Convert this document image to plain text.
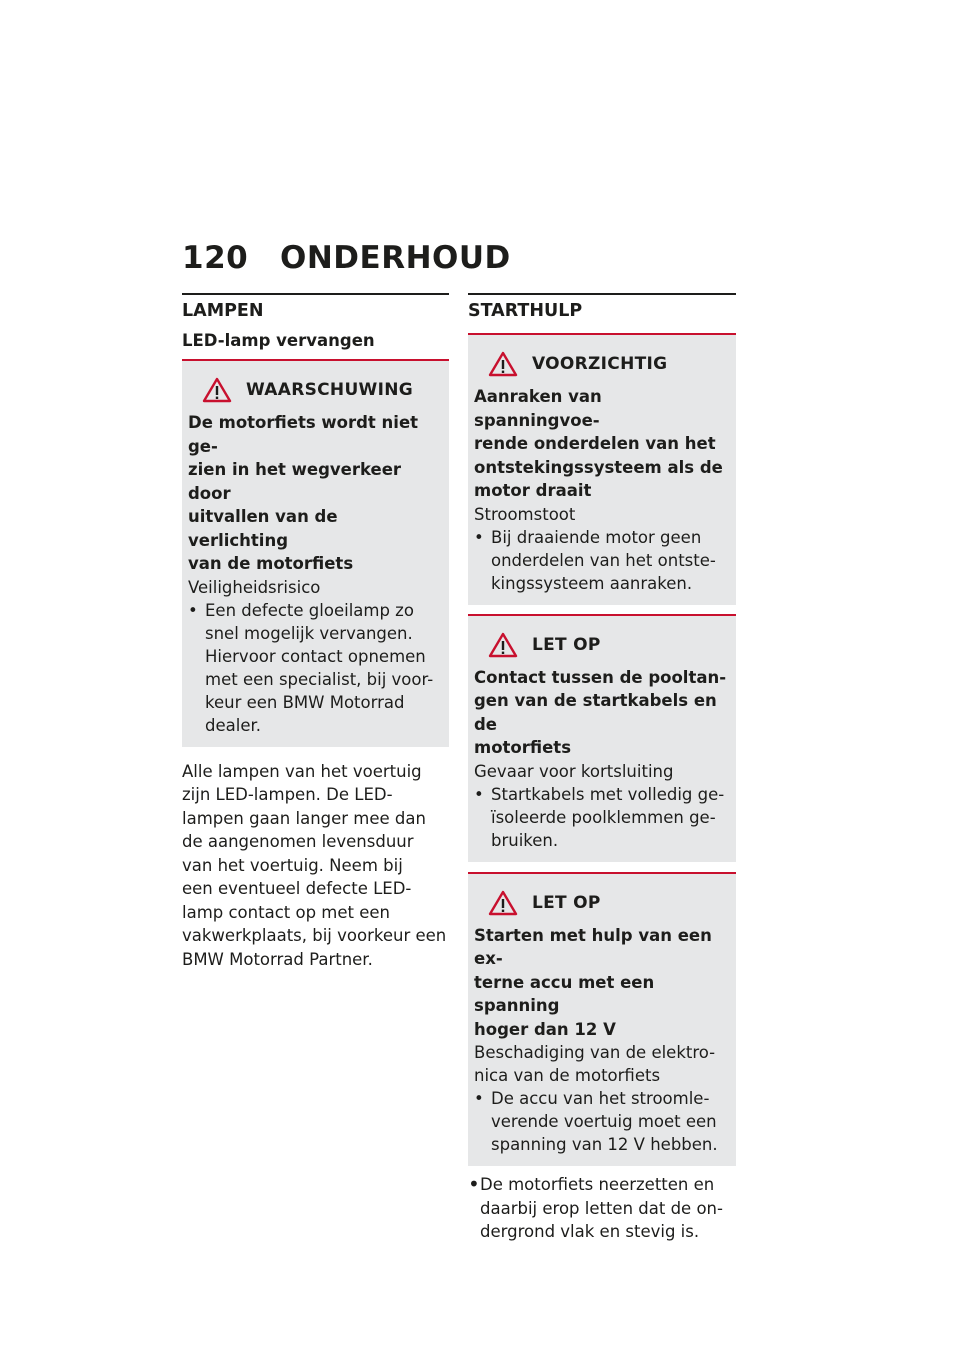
120 ONDERHOUD
LAMPEN
LED-lamp vervangen
WAARSCHUWING
De motorfiets wordt niet ge-
zien in het wegverkeer door
uitvallen van de verlichting
van de motorfiets
Veiligheidsrisico
• Een defecte gloeilamp zo
snel mogelijk vervangen.
Hiervoor contact opnemen
met een specialist, bij voor-
keur een BMW Motorrad
dealer.
Alle lampen van het voertuig
zijn LED-lampen. De LED-
lampen gaan langer mee dan
de aangenomen levensduur
van het voertuig. Neem bij
een eventueel defecte LED-
lamp contact op met een
vakwerkplaats, bij voorkeur een
BMW Motorrad Partner.
STARTHULP
VOORZICHTIG
Aanraken van spanningvoe-
rende onderdelen van het
ontstekingssysteem als de
motor draait
Stroomstoot
• Bij draaiende motor geen
onderdelen van het ontste-
kingssysteem aanraken.
LET OP
Contact tussen de pooltan-
gen van de startkabels en de
motorfiets
Gevaar voor kortsluiting
• Startkabels met volledig ge-
ïsoleerde poolklemmen ge-
bruiken.
LET OP
Starten met hulp van een ex-
terne accu met een spanning
hoger dan 12 V
Beschadiging van de elektro-
nica van de motorfiets
• De accu van het stroomle-
verende voertuig moet een
spanning van 12 V hebben.
• De motorfiets neerzetten en
daarbij erop letten dat de on-
dergrond vlak en stevig is.
